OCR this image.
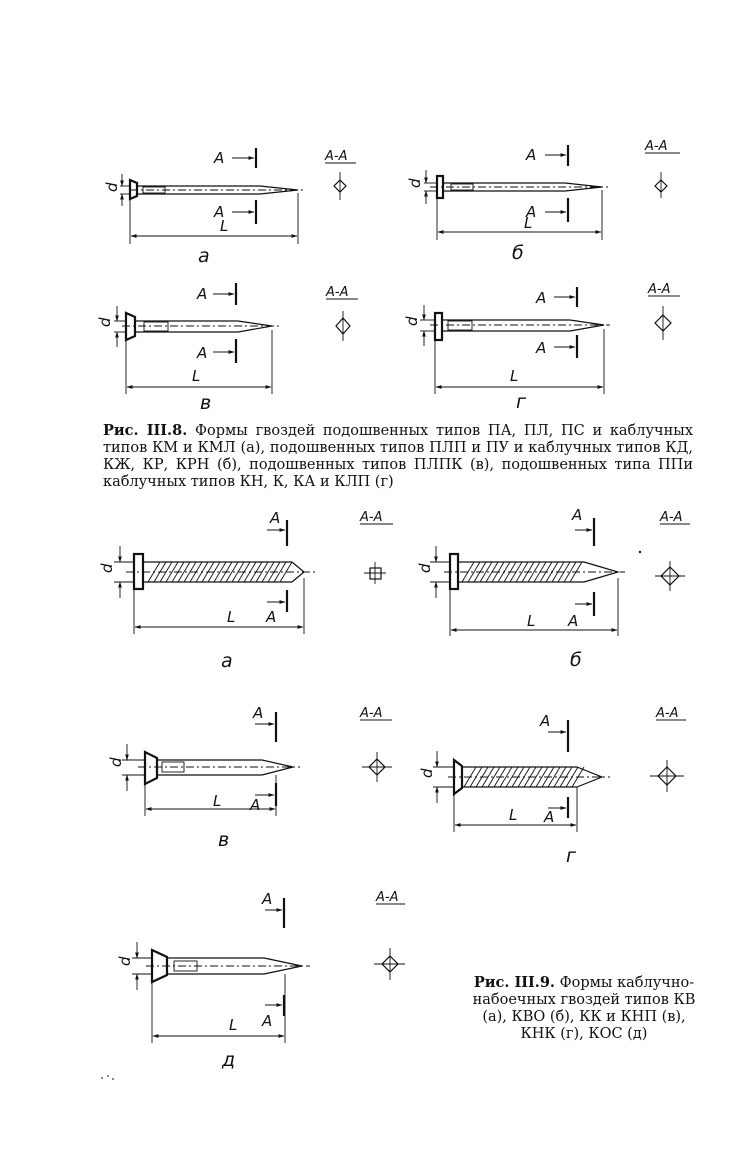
d
L
А
А
а
А-А
d
L
А
А
б
А-А
d
L
А
А
в
А-А
d
L
А
А
г
А-А
d
L
А
А
а
А-А
d
L
А
А
б
А-А
d
L
А
А
в
А-А
d
L
А
А
г
А-А
d
L
А
А
д
А-А
Рис. III.8. Формы гвоздей подошвенных типов ПА, ПЛ, ПС и каблучных типов КМ и КМЛ (а), подошвенных типов ПЛП и ПУ и каблучных типов КД, КЖ, КР, КРН (б), подошвенных типов ПЛПК (в), подошвенных типа ППи каблучных типов КН, К, КА и КЛП (г)
Рис. III.9. Формы каблучно-набоечных гвоздей типов КВ (а), КВО (б), КК и КНП (в), КНК (г), КОС (д)
